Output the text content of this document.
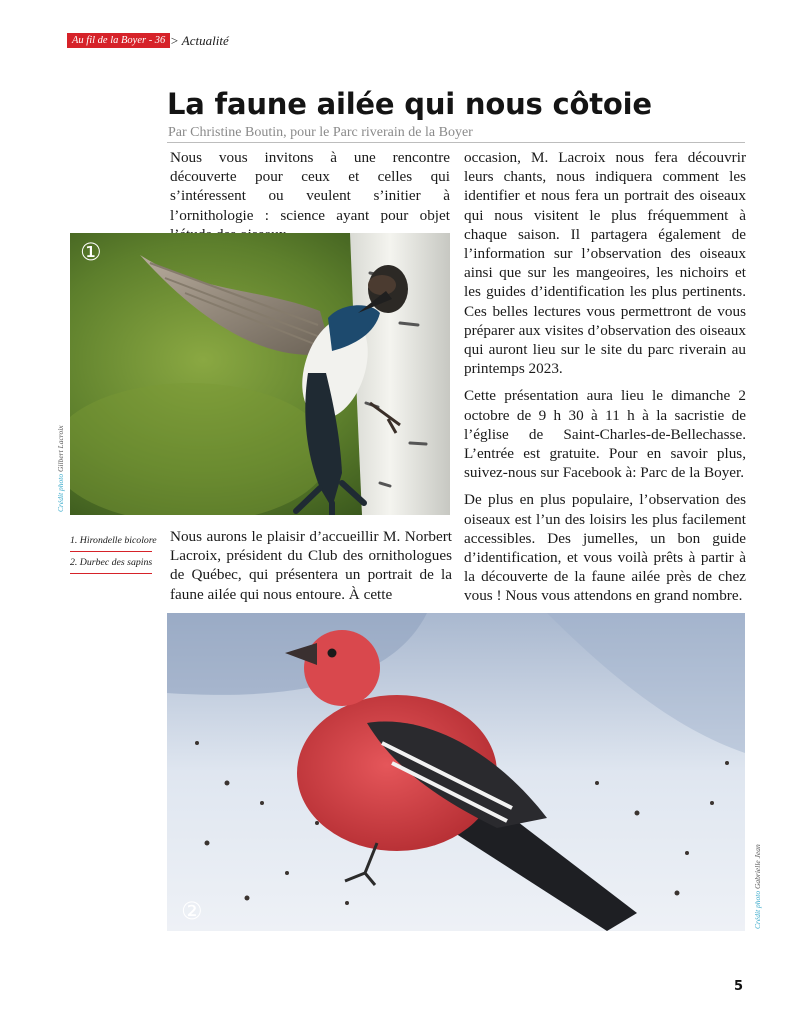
Au fil de la Boyer - 36 > Actualité
La faune ailée qui nous côtoie
Par Christine Boutin, pour le Parc riverain de la Boyer

Nous vous invitons à une rencontre découverte pour ceux et celles qui s’intéressent ou veulent s’initier à l’ornithologie : science ayant pour objet

①
Crédit photo Gilbert Lacroix
1. Hirondelle bicolore
2. Durbec des sapins

Nous aurons le plaisir d’accueillir M. Norbert Lacroix, président du Club des ornithologues de Québec, qui présentera un portrait de la faune ailée qui nous entoure. À cette

occasion, M. Lacroix nous fera découvrir leurs chants, nous indiquera comment les identifier et nous fera un portrait des oiseaux qui nous visitent le plus fréquemment à chaque saison. Il partagera également de l’information sur l’observation des oiseaux ainsi que sur les mangeoires, les nichoirs et les guides d’identification les plus pertinents. Ces belles lectures vous permettront de vous préparer aux visites d’observation des oiseaux qui auront lieu sur le site du parc riverain au printemps 2023.

Cette présentation aura lieu le dimanche 2 octobre de 9 h 30 à 11 h à la sacristie de l’église de Saint-Charles-de-Bellechasse. L’entrée est gratuite. Pour en savoir plus, suivez-nous sur Facebook à: Parc de la Boyer.

De plus en plus populaire, l’observation des oiseaux est l’un des loisirs les plus facilement accessibles. Des jumelles, un bon guide d’identification, et vous voilà prêts à partir à la découverte de la faune ailée près de chez vous ! Nous vous attendons en grand nombre.

②	Crédit photo Gabrielle Jean
5
